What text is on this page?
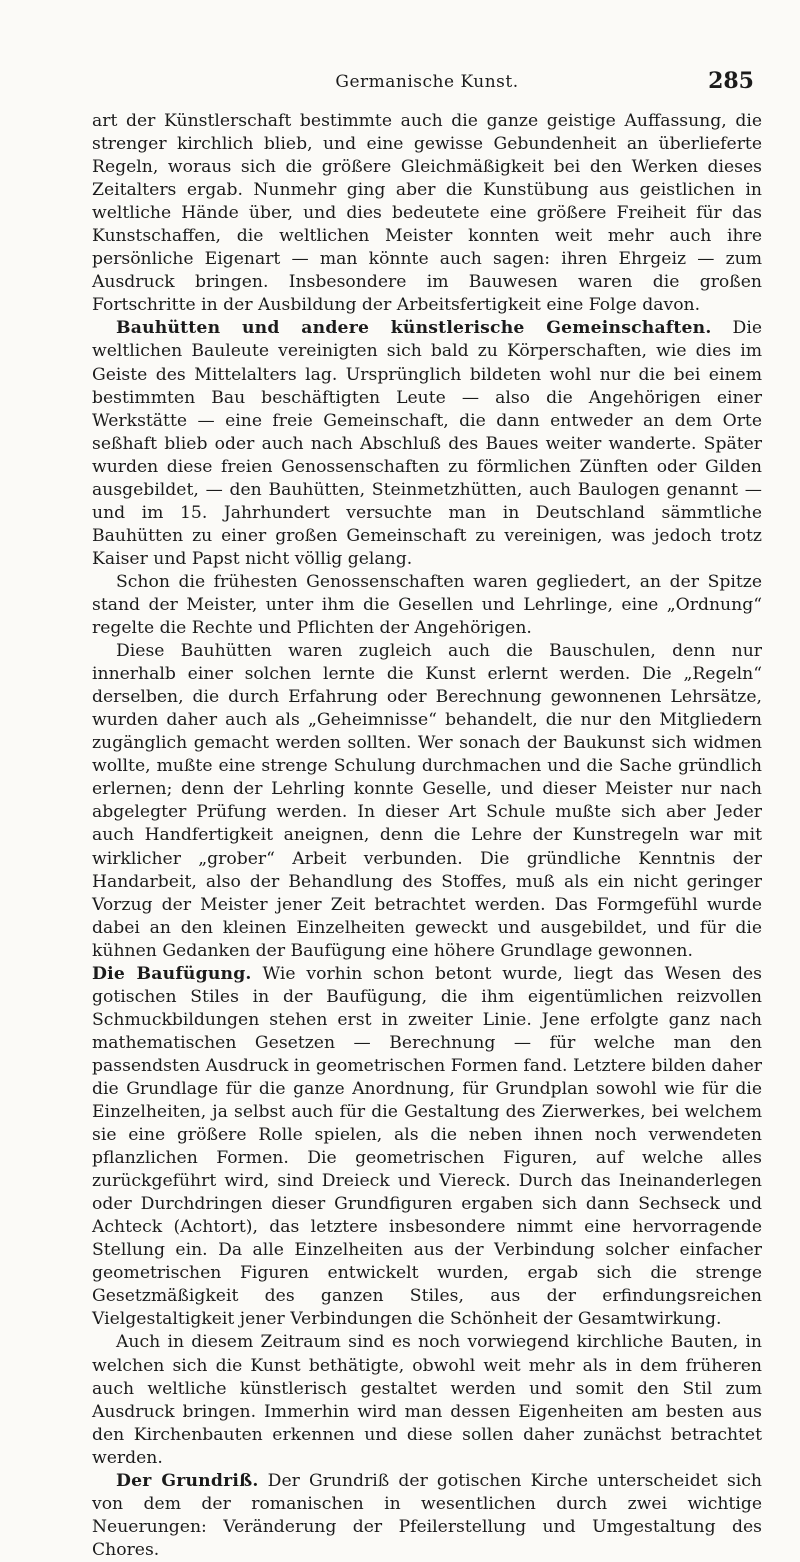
Germanische Kunst.	285

art der Künstlerschaft bestimmte auch die ganze geistige Auffassung, die strenger kirchlich blieb, und eine gewisse Gebundenheit an überlieferte Regeln, woraus sich die größere Gleichmäßigkeit bei den Werken dieses Zeitalters ergab. Nunmehr ging aber die Kunstübung aus geistlichen in weltliche Hände über, und dies bedeutete eine größere Freiheit für das Kunstschaffen, die weltlichen Meister konnten weit mehr auch ihre persönliche Eigenart — man könnte auch sagen: ihren Ehrgeiz — zum Ausdruck bringen. Insbesondere im Bauwesen waren die großen Fortschritte in der Ausbildung der Arbeitsfertigkeit eine Folge davon.

Bauhütten und andere künstlerische Gemeinschaften. Die weltlichen Bauleute vereinigten sich bald zu Körperschaften, wie dies im Geiste des Mittelalters lag. Ursprünglich bildeten wohl nur die bei einem bestimmten Bau beschäftigten Leute — also die Angehörigen einer Werkstätte — eine freie Gemeinschaft, die dann entweder an dem Orte seßhaft blieb oder auch nach Abschluß des Baues weiter wanderte. Später wurden diese freien Genossenschaften zu förmlichen Zünften oder Gilden ausgebildet, — den Bauhütten, Steinmetzhütten, auch Baulogen genannt — und im 15. Jahrhundert versuchte man in Deutschland sämmtliche Bauhütten zu einer großen Gemeinschaft zu vereinigen, was jedoch trotz Kaiser und Papst nicht völlig gelang.

Schon die frühesten Genossenschaften waren gegliedert, an der Spitze stand der Meister, unter ihm die Gesellen und Lehrlinge, eine „Ordnung“ regelte die Rechte und Pflichten der Angehörigen.

Diese Bauhütten waren zugleich auch die Bauschulen, denn nur innerhalb einer solchen lernte die Kunst erlernt werden. Die „Regeln“ derselben, die durch Erfahrung oder Berechnung gewonnenen Lehrsätze, wurden daher auch als „Geheimnisse“ behandelt, die nur den Mitgliedern zugänglich gemacht werden sollten. Wer sonach der Baukunst sich widmen wollte, mußte eine strenge Schulung durchmachen und die Sache gründlich erlernen; denn der Lehrling konnte Geselle, und dieser Meister nur nach abgelegter Prüfung werden. In dieser Art Schule mußte sich aber Jeder auch Handfertigkeit aneignen, denn die Lehre der Kunstregeln war mit wirklicher „grober“ Arbeit verbunden. Die gründliche Kenntnis der Handarbeit, also der Behandlung des Stoffes, muß als ein nicht geringer Vorzug der Meister jener Zeit betrachtet werden. Das Formgefühl wurde dabei an den kleinen Einzelheiten geweckt und ausgebildet, und für die kühnen Gedanken der Baufügung eine höhere Grundlage gewonnen.

Die Baufügung. Wie vorhin schon betont wurde, liegt das Wesen des gotischen Stiles in der Baufügung, die ihm eigentümlichen reizvollen Schmuckbildungen stehen erst in zweiter Linie. Jene erfolgte ganz nach mathematischen Gesetzen — Berechnung — für welche man den passendsten Ausdruck in geometrischen Formen fand. Letztere bilden daher die Grundlage für die ganze Anordnung, für Grundplan sowohl wie für die Einzelheiten, ja selbst auch für die Gestaltung des Zierwerkes, bei welchem sie eine größere Rolle spielen, als die neben ihnen noch verwendeten pflanzlichen Formen. Die geometrischen Figuren, auf welche alles zurückgeführt wird, sind Dreieck und Viereck. Durch das Ineinanderlegen oder Durchdringen dieser Grundfiguren ergaben sich dann Sechseck und Achteck (Achtort), das letztere insbesondere nimmt eine hervorragende Stellung ein. Da alle Einzelheiten aus der Verbindung solcher einfacher geometrischen Figuren entwickelt wurden, ergab sich die strenge Gesetzmäßigkeit des ganzen Stiles, aus der erfindungsreichen Vielgestaltigkeit jener Verbindungen die Schönheit der Gesamtwirkung.

Auch in diesem Zeitraum sind es noch vorwiegend kirchliche Bauten, in welchen sich die Kunst bethätigte, obwohl weit mehr als in dem früheren auch weltliche künstlerisch gestaltet werden und somit den Stil zum Ausdruck bringen. Immerhin wird man dessen Eigenheiten am besten aus den Kirchenbauten erkennen und diese sollen daher zunächst betrachtet werden.

Der Grundriß. Der Grundriß der gotischen Kirche unterscheidet sich von dem der romanischen in wesentlichen durch zwei wichtige Neuerungen: Veränderung der Pfeilerstellung und Umgestaltung des Chores.
